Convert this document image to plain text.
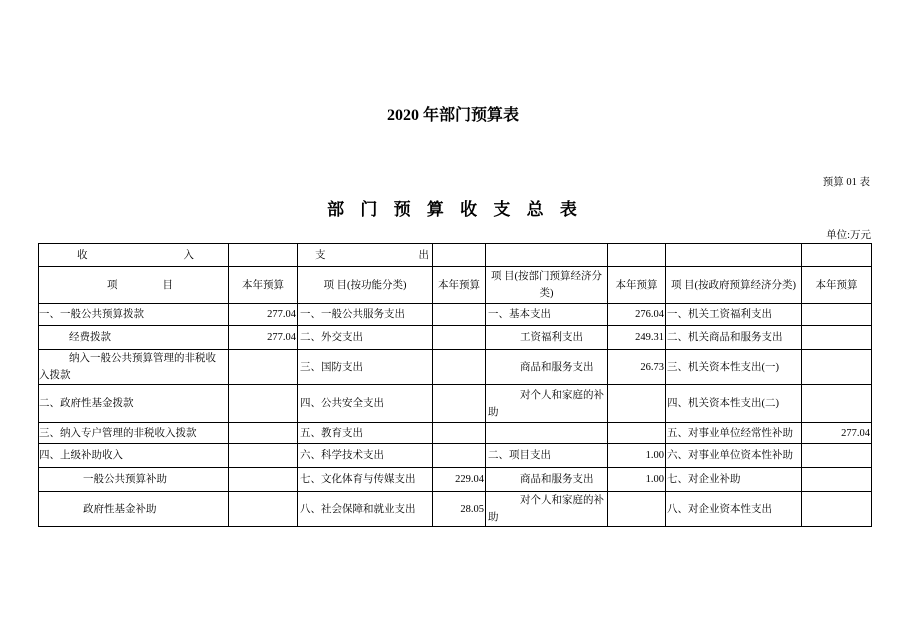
2020 年部门预算表
预算 01 表
部 门 预 算 收 支 总 表
单位:万元
收 入		支 出					

项 目	本年预算	项 目(按功能分类)	本年预算	项 目(按部门预算经济分类)	本年预算	项 目(按政府预算经济分类)	本年预算
一、一般公共预算拨款	277.04	一、一般公共服务支出		一、基本支出	276.04	一、机关工资福利支出	
经费拨款	277.04	二、外交支出		工资福利支出	249.31	二、机关商品和服务支出	
纳入一般公共预算管理的非税收入拨款		三、国防支出		商品和服务支出	26.73	三、机关资本性支出(一)	
二、政府性基金拨款		四、公共安全支出		对个人和家庭的补助		四、机关资本性支出(二)	
三、纳入专户管理的非税收入拨款		五、教育支出				五、对事业单位经常性补助	277.04
四、上级补助收入		六、科学技术支出		二、项目支出	1.00	六、对事业单位资本性补助	
一般公共预算补助		七、文化体育与传媒支出	229.04	商品和服务支出	1.00	七、对企业补助	
政府性基金补助		八、社会保障和就业支出	28.05	对个人和家庭的补助		八、对企业资本性支出	
